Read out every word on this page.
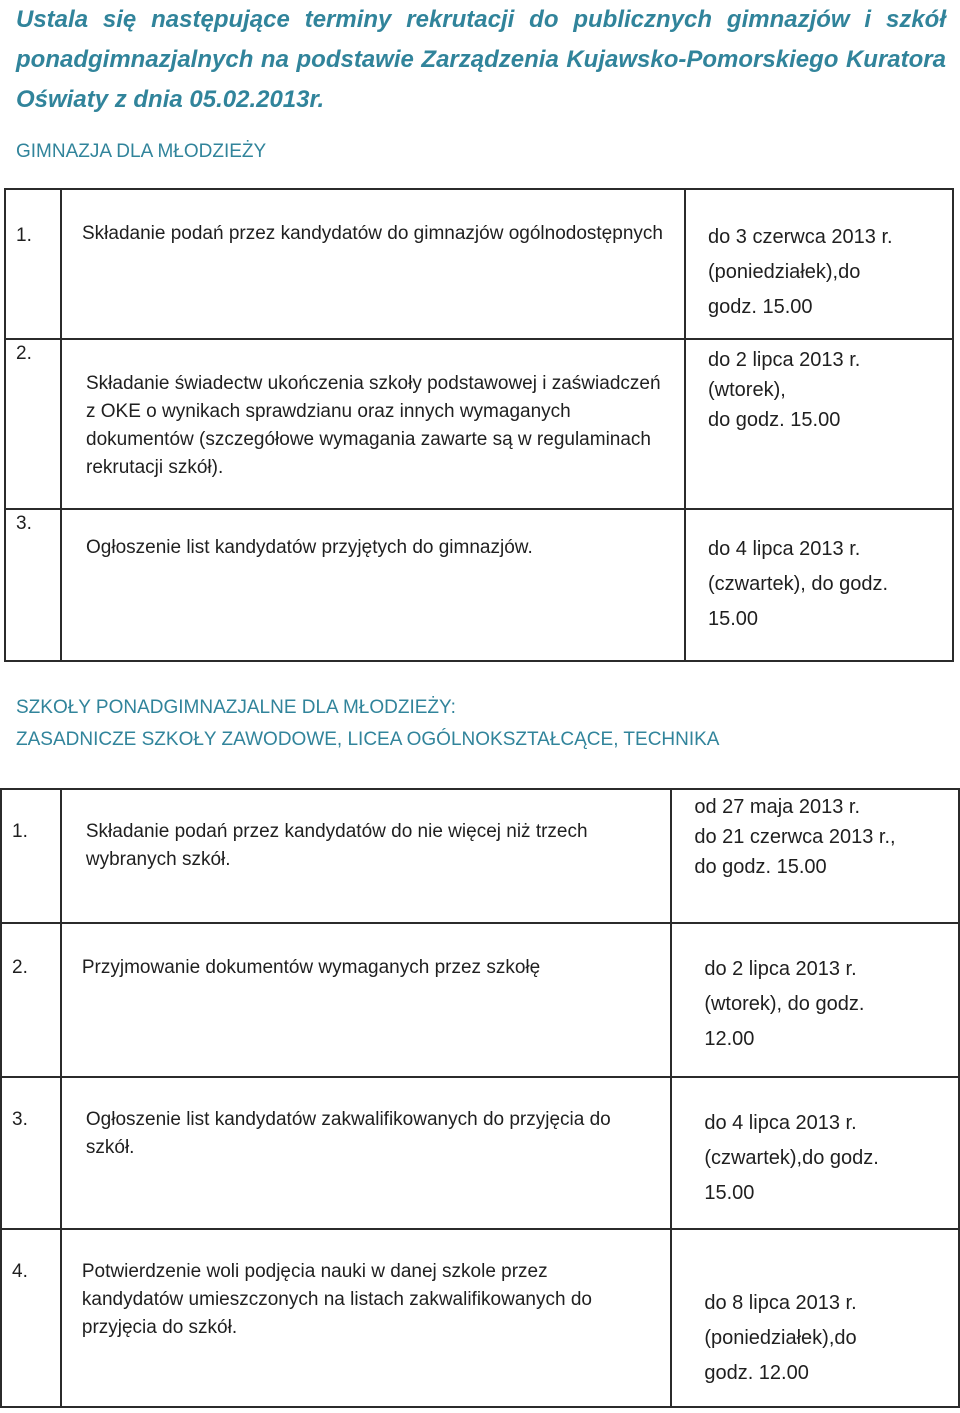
Ustala się następujące terminy rekrutacji do publicznych gimnazjów i szkół ponadgimnazjalnych na podstawie Zarządzenia Kujawsko-Pomorskiego Kuratora Oświaty z dnia 05.02.2013r.
GIMNAZJA DLA MŁODZIEŻY
1.	Składanie podań przez kandydatów do gimnazjów ogólnodostępnych	do 3 czerwca 2013 r.
(poniedziałek),do
godz. 15.00

2.	Składanie świadectw ukończenia szkoły podstawowej i zaświadczeń z OKE o wynikach sprawdzianu oraz innych wymaganych dokumentów (szczegółowe wymagania zawarte są w regulaminach rekrutacji szkół).	do 2 lipca 2013 r.
(wtorek),
do godz. 15.00

3.	Ogłoszenie list kandydatów przyjętych do gimnazjów.	do 4 lipca 2013 r.
(czwartek), do godz.
15.00
SZKOŁY PONADGIMNAZJALNE DLA MŁODZIEŻY:
ZASADNICZE SZKOŁY ZAWODOWE, LICEA OGÓLNOKSZTAŁCĄCE, TECHNIKA
1.	Składanie podań przez kandydatów do nie więcej niż trzech wybranych szkół.	od 27 maja 2013 r.
do 21 czerwca 2013 r.,
do godz. 15.00

2.	Przyjmowanie dokumentów wymaganych przez szkołę	do 2 lipca 2013 r.
(wtorek), do godz.
12.00

3.	Ogłoszenie list kandydatów zakwalifikowanych do przyjęcia do szkół.	do 4 lipca 2013 r.
(czwartek),do godz.
15.00

4.	Potwierdzenie woli podjęcia nauki w danej szkole przez kandydatów umieszczonych na listach zakwalifikowanych do przyjęcia do szkół.	do 8 lipca 2013 r.
(poniedziałek),do
godz. 12.00
